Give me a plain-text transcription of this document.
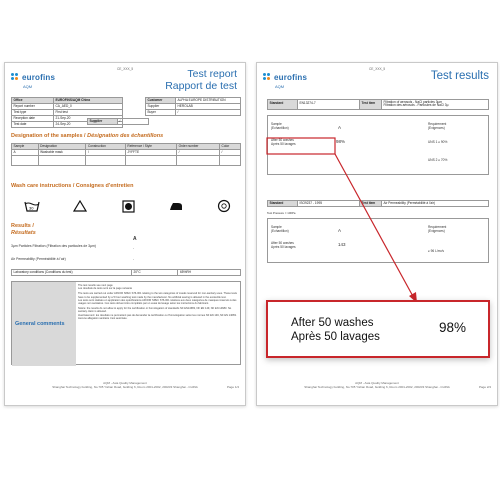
CE_XXX_5
eurofins
AQM
Test report
Rapport de test
Office	EUROFINS/AQM China
Report number	CA_AED_0
Test type	First test
Reception date	21-Sep-20
Test date	24-Sep-20
Customer	ALPHA EUROPE DISTRIBUTION
Supplier	HEROLAB
Buyer	/
Supplier	/
Designation of the samples / Désignation des échantillons
Sample	Designation	Construction	Reference / Style	Order number	Color
A	Washable mask	/	JYFFTE	/	/

Wash care instructions / Consignes d'entretien
30
Results /
Résultats
A
3µm Particles Filtration (Filtration des particules de 3µm)	-
Air Permeability (Perméabilité à l'air)	-
Laboratory conditions (Conditions du test)	20°C	65%RH
General comments
The test results see next page
Les résultats de tests sont sur la page suivante
The tests are carried out under AFNOR SPEC S76-001 relating to the two categories of masks reserved for non-sanitary uses. These tests have to be supplemented by a 5 hour washing test made by the manufacturer. No artificial sewing is allowed in the ecotextile test.
Les tests sont réalisés en application des spécifications AFNOR SPEC S76-001 relatives aux deux catégories de masques réservés à des usages non sanitaires. Ces tests doivent être complétés par un essai de lavage selon les instructions du fabricant.
Notice: the results do not allow to apply for the certification or homologation of standards NF EN14683, NF EN 149, NF EN 14683. No sanitary claim is allowed.
Avertissement: les résultats ne permettent pas de demander la certification ou l'homologation selon les normes NF EN 149, NF EN 14683. Aucune allégation sanitaire n'est autorisée.
AQM - Asia Quality Management
Shanghai Technology building, No.705 Yishan Road, building 6, Room 2001-2002, 200233 Shanghai - CHINA	Page 1/4
CE_XXX_5
eurofins
AQM
Test results
Standard	EN13274-7	Test item	Filtration of aerosols - NaCl particles 3µm
Filtration des aérosols - Particules de NaCl 3µ
Sample
(Echantillon)	A
Requirement
(Exigences)
After 50 washes
Après 50 lavages	98%	UNS 1 ≥ 90%
UNS 2 ≥ 70%
Standard	ISO9237 - 1995	Test item	Air Permeability (Perméabilité à l'air)
Test Pressure = 100Pa
Sample
(Echantillon)	A
Requirement
(Exigences)
After 50 washes
Après 50 lavages	143
≥ 96 L/m²/s
AQM - Asia Quality Management
Shanghai Technology building, No.705 Yishan Road, building 6, Room 2001-2002, 200233 Shanghai - CHINA	Page 2/4
After 50 washes
Après 50 lavages
98%
